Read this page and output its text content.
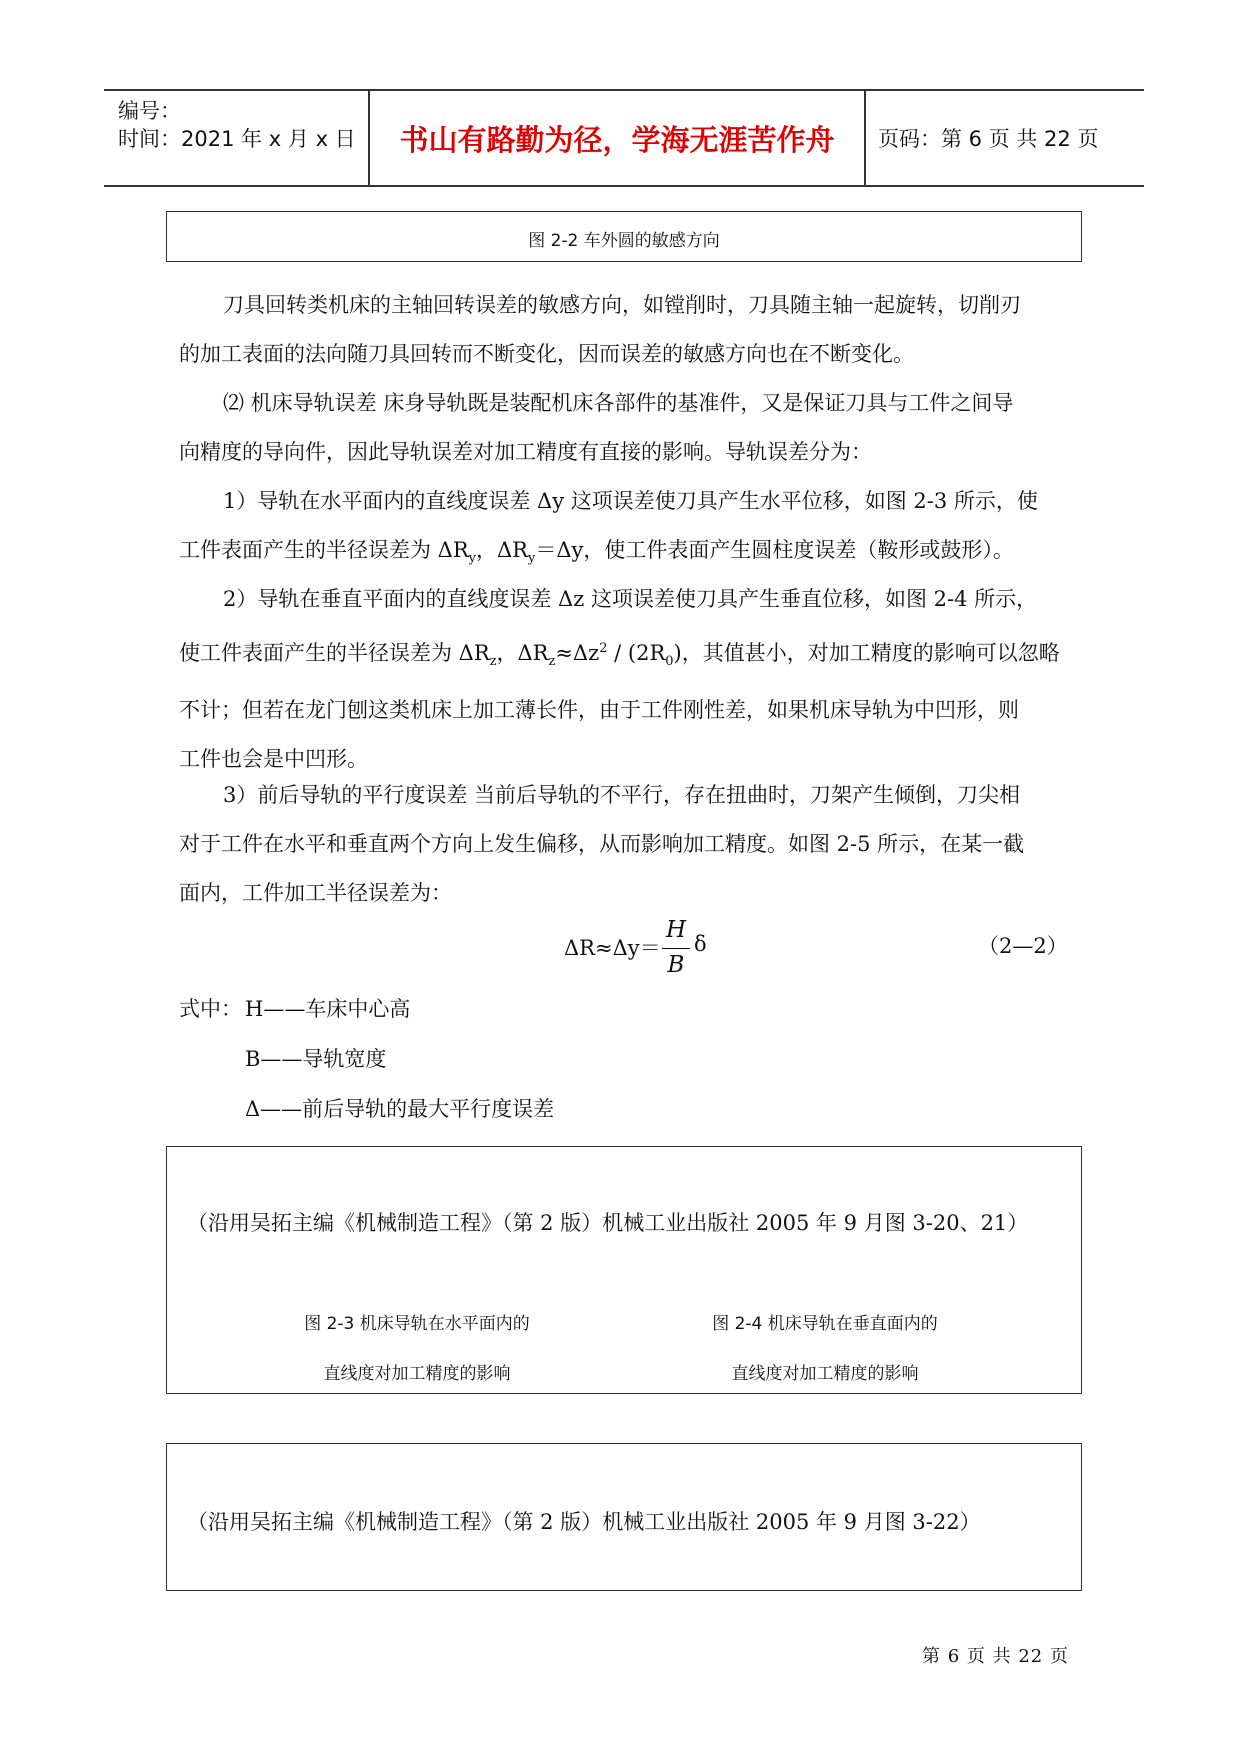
编号：
时间：2021 年 x 月 x 日	书山有路勤为径，学海无涯苦作舟	页码：第 6 页 共 22 页
图 2-2 车外圆的敏感方向
刀具回转类机床的主轴回转误差的敏感方向，如镗削时，刀具随主轴一起旋转，切削刃
的加工表面的法向随刀具回转而不断变化，因而误差的敏感方向也在不断变化。
⑵ 机床导轨误差 床身导轨既是装配机床各部件的基准件，又是保证刀具与工件之间导
向精度的导向件，因此导轨误差对加工精度有直接的影响。导轨误差分为：
1）导轨在水平面内的直线度误差 Δy 这项误差使刀具产生水平位移，如图 2-3 所示，使
工件表面产生的半径误差为 $\Delta R_y$，$\Delta R_y=\Delta y$，使工件表面产生圆柱度误差（鞍形或鼓形）。
2）导轨在垂直平面内的直线度误差 Δz 这项误差使刀具产生垂直位移，如图 2-4 所示，
使工件表面产生的半径误差为 $\Delta R_z$，$\Delta R_z\approx\Delta z^2 / (2R_0)$，其值甚小，对加工精度的影响可以忽略
不计；但若在龙门刨这类机床上加工薄长件，由于工件刚性差，如果机床导轨为中凹形，则
工件也会是中凹形。
3）前后导轨的平行度误差 当前后导轨的不平行，存在扭曲时，刀架产生倾倒，刀尖相
对于工件在水平和垂直两个方向上发生偏移，从而影响加工精度。如图 2-5 所示，在某一截
面内，工件加工半径误差为：
ΔR≈Δy＝
H
B
δ	（2—2）
式中： H——车床中心高
B——导轨宽度
Δ——前后导轨的最大平行度误差
（沿用吴拓主编《机械制造工程》（第 2 版）机械工业出版社 2005 年 9 月图 3-20、21）
图 2-3 机床导轨在水平面内的
直线度对加工精度的影响
图 2-4 机床导轨在垂直面内的
直线度对加工精度的影响
（沿用吴拓主编《机械制造工程》（第 2 版）机械工业出版社 2005 年 9 月图 3-22）
第 6 页 共 22 页
